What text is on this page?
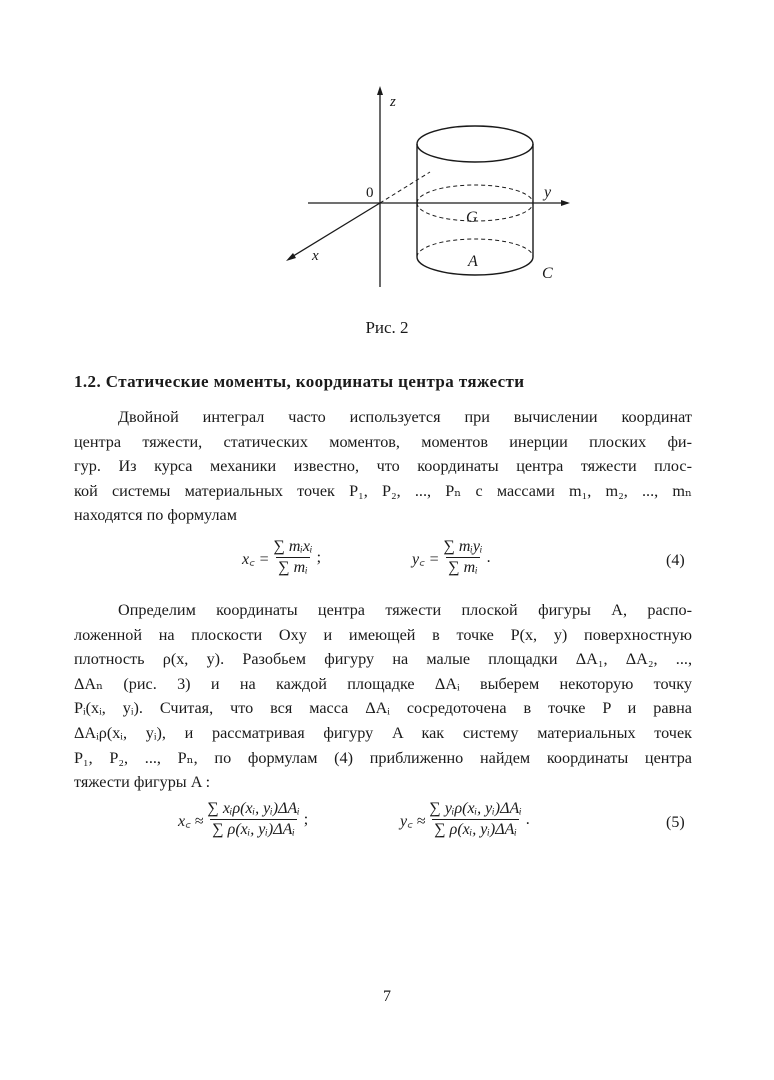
z
0	y
x
G
A
C
Рис. 2
1.2. Статические моменты, координаты центра тяжести
Двойной интеграл часто используется при вычислении координат
центра тяжести, статических моментов, моментов инерции плоских фи-
гур. Из курса механики известно, что координаты центра тяжести плос-
кой системы материальных точек P₁, P₂, ..., Pₙ с массами m₁, m₂, ..., mₙ
находятся по формулам
x꜀ = $\frac{\text{∑ mᵢxᵢ}}{\text{∑ mᵢ}}$ ;	y꜀ = $\frac{\text{∑ mᵢyᵢ}}{\text{∑ mᵢ}}$ .	(4)
Определим координаты центра тяжести плоской фигуры A, распо-
ложенной на плоскости Oxy и имеющей в точке P(x, y) поверхностную
плотность ρ(x, y). Разобьем фигуру на малые площадки ΔA₁, ΔA₂, ...,
ΔAₙ (рис. 3) и на каждой площадке ΔAᵢ выберем некоторую точку
Pᵢ(xᵢ, yᵢ). Считая, что вся масса ΔAᵢ сосредоточена в точке P и равна
ΔAᵢρ(xᵢ, yᵢ), и рассматривая фигуру A как систему материальных точек
P₁, P₂, ..., Pₙ, по формулам (4) приближенно найдем координаты центра
тяжести фигуры A :
x꜀ ≈ $\frac{\text{∑ xᵢρ(xᵢ, yᵢ)ΔAᵢ}}{\text{∑ ρ(xᵢ, yᵢ)ΔAᵢ}}$ ;	y꜀ ≈ $\frac{\text{∑ yᵢρ(xᵢ, yᵢ)ΔAᵢ}}{\text{∑ ρ(xᵢ, yᵢ)ΔAᵢ}}$ .	(5)
7
